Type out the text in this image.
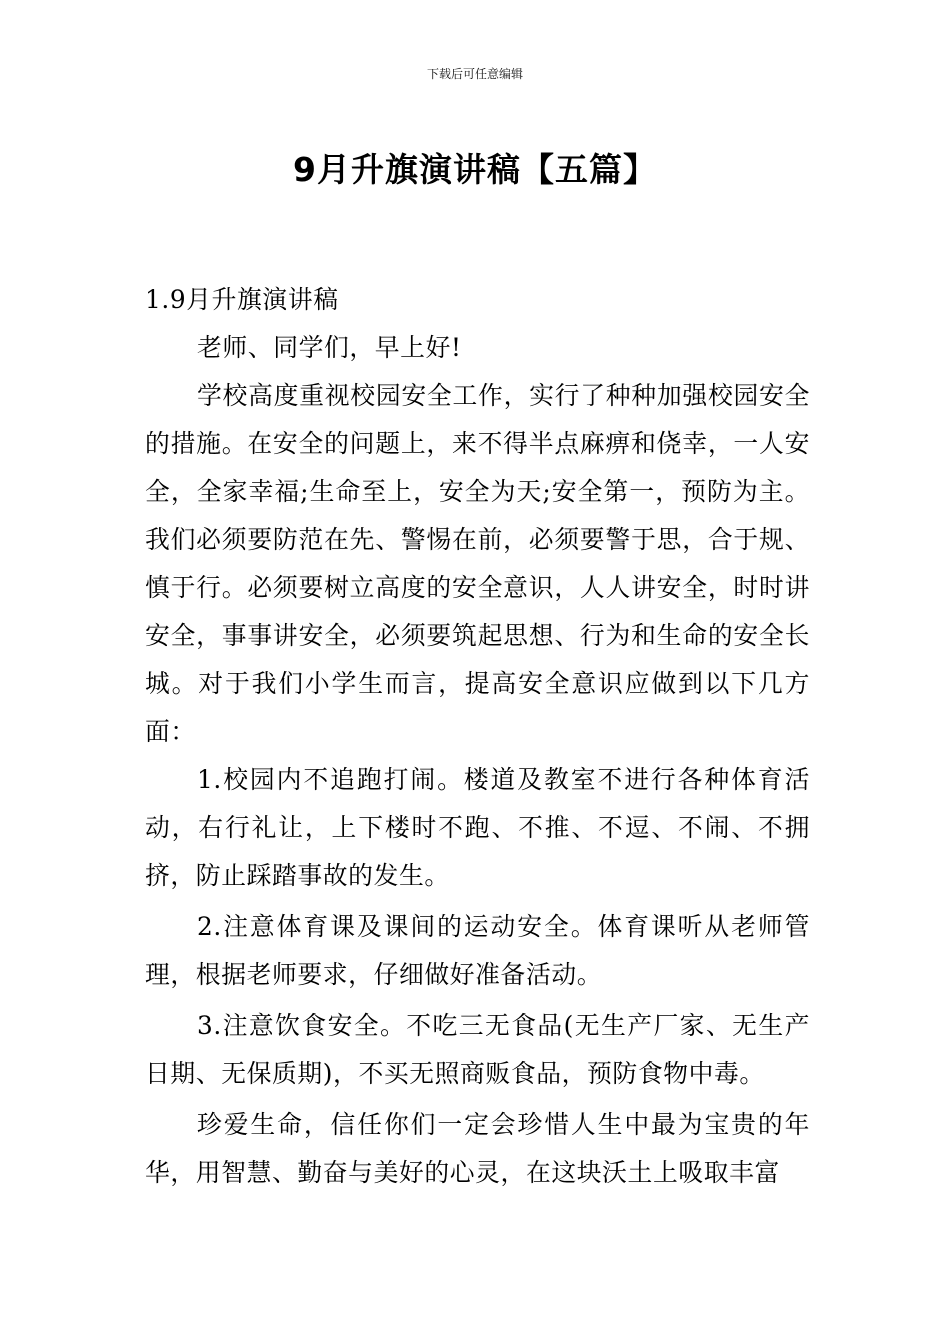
下载后可任意编辑
9月升旗演讲稿【五篇】

1.9月升旗演讲稿

老师、同学们，早上好!

学校高度重视校园安全工作，实行了种种加强校园安全的措施。在安全的问题上，来不得半点麻痹和侥幸，一人安全，全家幸福;生命至上，安全为天;安全第一，预防为主。我们必须要防范在先、警惕在前，必须要警于思，合于规、慎于行。必须要树立高度的安全意识，人人讲安全，时时讲安全，事事讲安全，必须要筑起思想、行为和生命的安全长城。对于我们小学生而言，提高安全意识应做到以下几方面：

1.校园内不追跑打闹。楼道及教室不进行各种体育活动，右行礼让，上下楼时不跑、不推、不逗、不闹、不拥挤，防止踩踏事故的发生。

2.注意体育课及课间的运动安全。体育课听从老师管理，根据老师要求，仔细做好准备活动。

3.注意饮食安全。不吃三无食品(无生产厂家、无生产日期、无保质期)，不买无照商贩食品，预防食物中毒。

珍爱生命，信任你们一定会珍惜人生中最为宝贵的年华，用智慧、勤奋与美好的心灵，在这块沃土上吸取丰富
